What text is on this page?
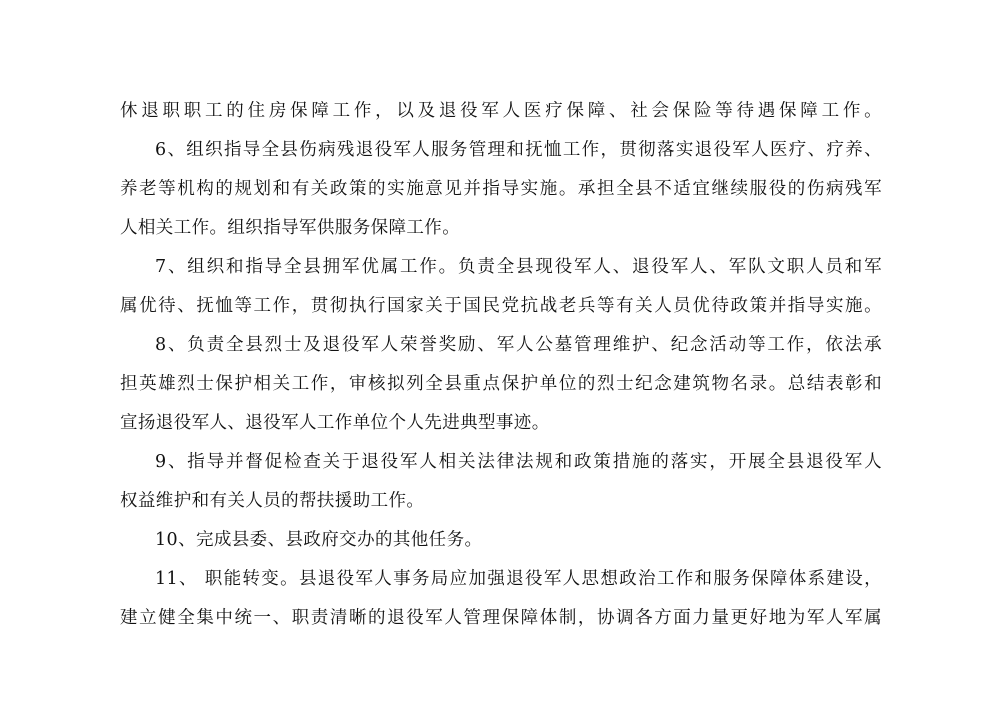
休退职职工的住房保障工作，以及退役军人医疗保障、社会保险等待遇保障工作。
6、组织指导全县伤病残退役军人服务管理和抚恤工作，贯彻落实退役军人医疗、疗养、
养老等机构的规划和有关政策的实施意见并指导实施。承担全县不适宜继续服役的伤病残军
人相关工作。组织指导军供服务保障工作。
7、组织和指导全县拥军优属工作。负责全县现役军人、退役军人、军队文职人员和军
属优待、抚恤等工作，贯彻执行国家关于国民党抗战老兵等有关人员优待政策并指导实施。
8、负责全县烈士及退役军人荣誉奖励、军人公墓管理维护、纪念活动等工作，依法承
担英雄烈士保护相关工作，审核拟列全县重点保护单位的烈士纪念建筑物名录。总结表彰和
宣扬退役军人、退役军人工作单位个人先进典型事迹。
9、指导并督促检查关于退役军人相关法律法规和政策措施的落实，开展全县退役军人
权益维护和有关人员的帮扶援助工作。
10、完成县委、县政府交办的其他任务。
11、 职能转变。县退役军人事务局应加强退役军人思想政治工作和服务保障体系建设，
建立健全集中统一、职责清晰的退役军人管理保障体制，协调各方面力量更好地为军人军属
